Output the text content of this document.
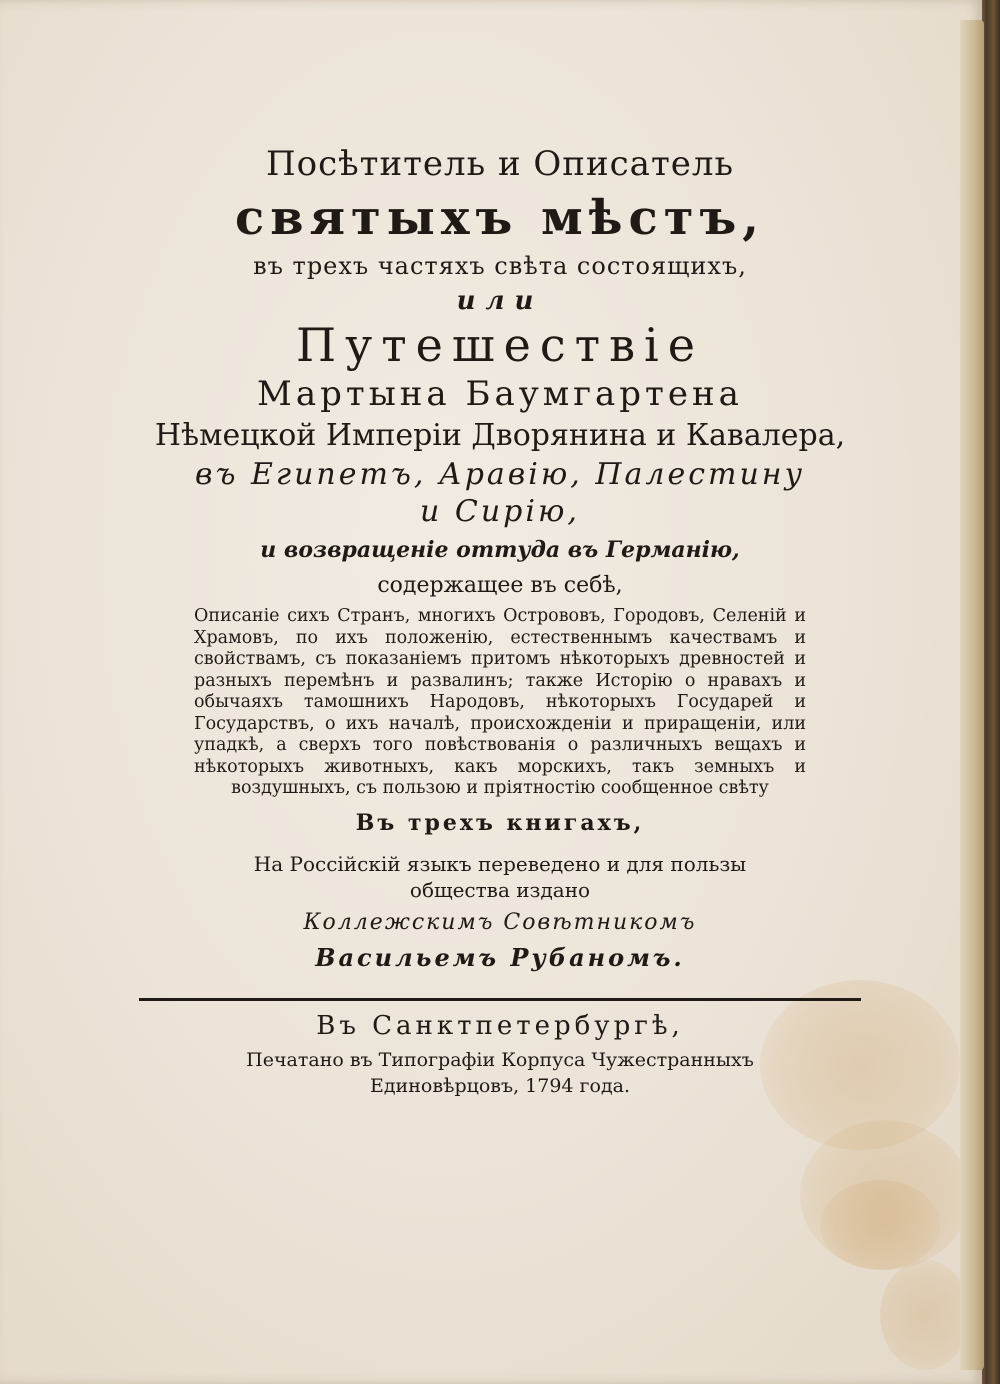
Посѣтитель и Описатель
святыхъ мѣстъ,
въ трехъ частяхъ свѣта состоящихъ,
или
Путешествіе
Мартына Баумгартена
Нѣмецкой Имперіи Дворянина и Кавалера,
въ Египетъ, Аравію, Палестину
и Сирію,
и возвращеніе оттуда въ Германію,
содержащее въ себѣ,
Описаніе сихъ Странъ, многихъ Острововъ, Городовъ, Селеній и Храмовъ, по ихъ положенію, естественнымъ качествамъ и свойствамъ, съ показаніемъ притомъ нѣкоторыхъ древностей и разныхъ перемѣнъ и развалинъ; также Исторію о нравахъ и обычаяхъ тамошнихъ Народовъ, нѣкоторыхъ Государей и Государствъ, о ихъ началѣ, происхожденіи и приращеніи, или упадкѣ, а сверхъ того повѣствованія о различныхъ вещахъ и нѣкоторыхъ животныхъ, какъ морскихъ, такъ земныхъ и воздушныхъ, съ пользою и пріятностію сообщенное свѣту
Въ трехъ книгахъ,
На Россійскій языкъ переведено и для пользы
общества издано
Коллежскимъ Совѣтникомъ
Васильемъ Рубаномъ.
Въ Санктпетербургѣ,
Печатано въ Типографіи Корпуса Чужестранныхъ
Единовѣрцовъ, 1794 года.
